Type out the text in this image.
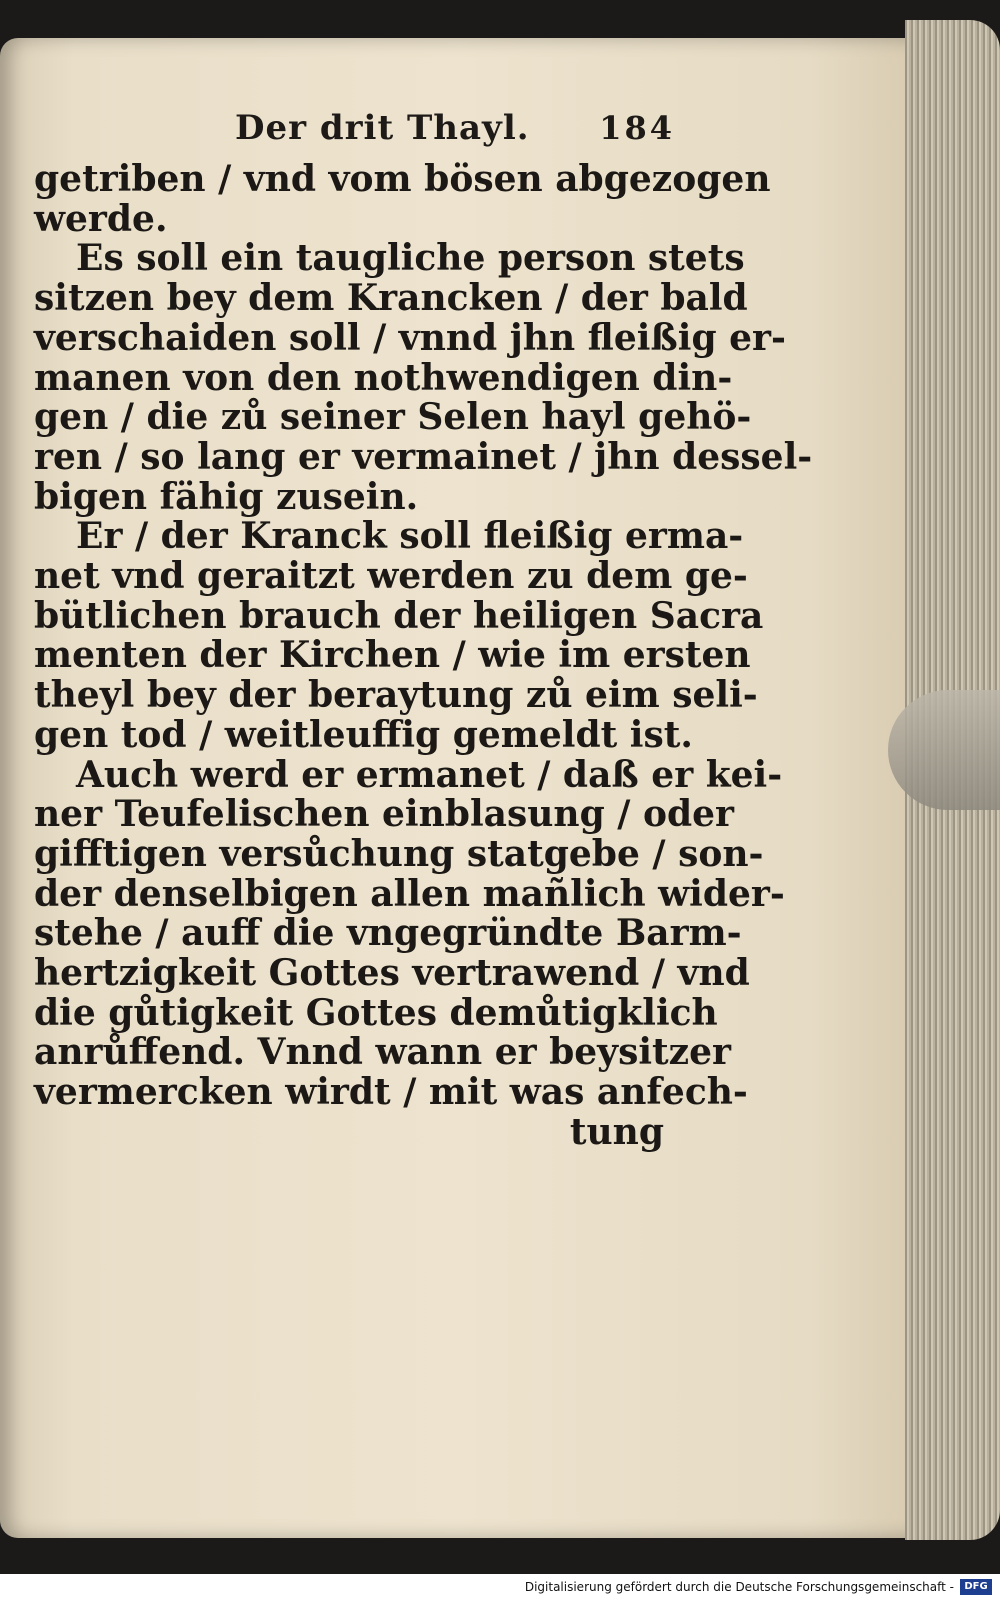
Der drit Thayl. 184
getriben / vnd vom bösen abgezogen
werde.
Es soll ein taugliche person stets
sitzen bey dem Krancken / der bald
verschaiden soll / vnnd jhn fleißig er-
manen von den nothwendigen din-
gen / die zů seiner Selen hayl gehö-
ren / so lang er vermainet / jhn dessel-
bigen fähig zusein.
Er / der Kranck soll fleißig erma-
net vnd geraitzt werden zu dem ge-
bütlichen brauch der heiligen Sacra
menten der Kirchen / wie im ersten
theyl bey der beraytung zů eim seli-
gen tod / weitleuffig gemeldt ist.
Auch werd er ermanet / daß er kei-
ner Teufelischen einblasung / oder
gifftigen versůchung statgebe / son-
der denselbigen allen mañlich wider-
stehe / auff die vngegründte Barm-
hertzigkeit Gottes vertrawend / vnd
die gůtigkeit Gottes demůtigklich
anrůffend. Vnnd wann er beysitzer
vermercken wirdt / mit was anfech-
tung
Digitalisierung gefördert durch die Deutsche Forschungsgemeinschaft -	DFG
